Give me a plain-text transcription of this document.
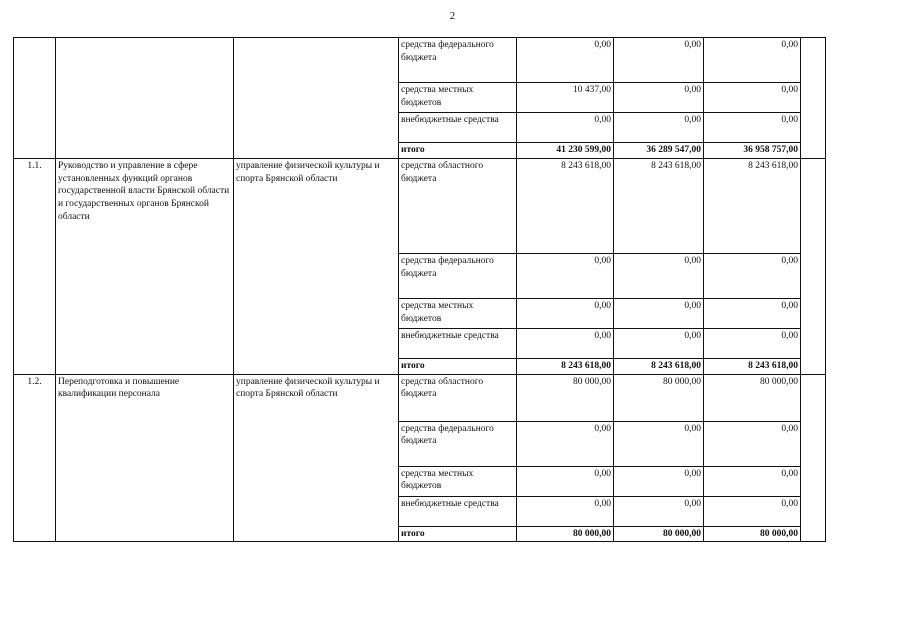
2
			средства федерального бюджета	0,00	0,00	0,00	
			средства местных бюджетов	10 437,00	0,00	0,00	
			внебюджетные средства	0,00	0,00	0,00	
			итого	41 230 599,00	36 289 547,00	36 958 757,00	
1.1.	Руководство и управление в сфере установленных функций органов государственной власти Брянской области и государственных органов Брянской области	управление физической культуры и спорта Брянской области	средства областного бюджета	8 243 618,00	8 243 618,00	8 243 618,00	
			средства федерального бюджета	0,00	0,00	0,00	
			средства местных бюджетов	0,00	0,00	0,00	
			внебюджетные средства	0,00	0,00	0,00	
			итого	8 243 618,00	8 243 618,00	8 243 618,00	
1.2.	Переподготовка и повышение квалификации персонала	управление физической культуры и спорта Брянской области	средства областного бюджета	80 000,00	80 000,00	80 000,00	
			средства федерального бюджета	0,00	0,00	0,00	
			средства местных бюджетов	0,00	0,00	0,00	
			внебюджетные средства	0,00	0,00	0,00	
			итого	80 000,00	80 000,00	80 000,00	
